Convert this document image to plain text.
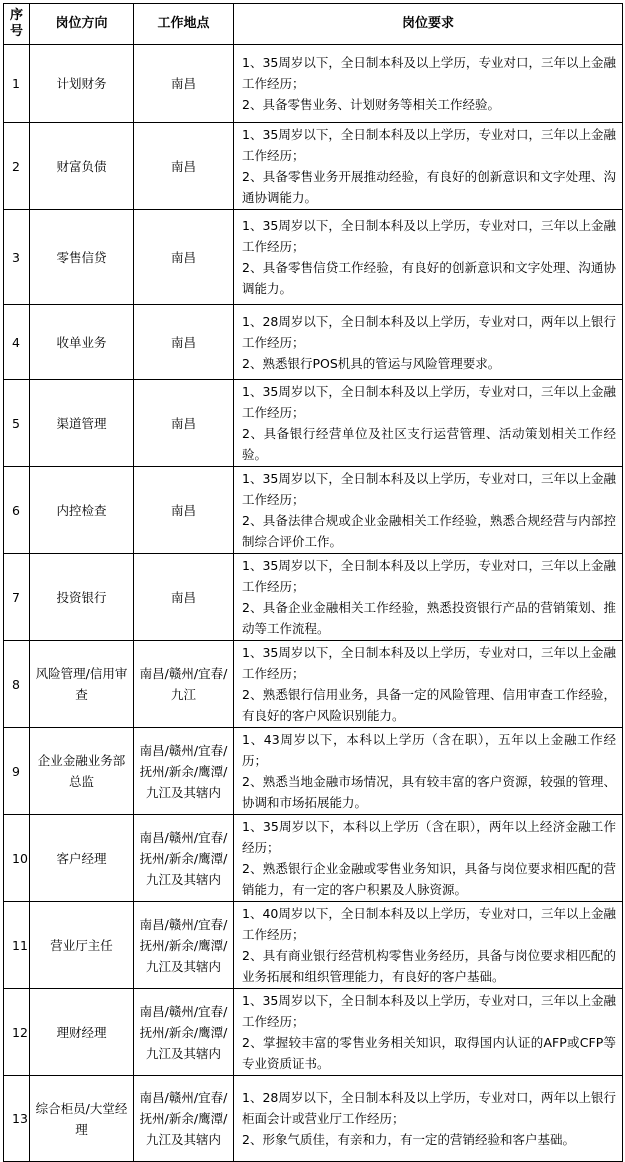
序号	岗位方向	工作地点	岗位要求
1	计划财务	南昌	1、35周岁以下，全日制本科及以上学历，专业对口，三年以上金融工作经历；
2、具备零售业务、计划财务等相关工作经验。

2	财富负债	南昌	1、35周岁以下，全日制本科及以上学历，专业对口，三年以上金融工作经历；
2、具备零售业务开展推动经验，有良好的创新意识和文字处理、沟通协调能力。

3	零售信贷	南昌	1、35周岁以下，全日制本科及以上学历，专业对口，三年以上金融工作经历；
2、具备零售信贷工作经验，有良好的创新意识和文字处理、沟通协调能力。

4	收单业务	南昌	1、28周岁以下，全日制本科及以上学历，专业对口，两年以上银行工作经历；
2、熟悉银行POS机具的管运与风险管理要求。

5	渠道管理	南昌	1、35周岁以下，全日制本科及以上学历，专业对口，三年以上金融工作经历；
2、具备银行经营单位及社区支行运营管理、活动策划相关工作经验。

6	内控检查	南昌	1、35周岁以下，全日制本科及以上学历，专业对口，三年以上金融工作经历；
2、具备法律合规或企业金融相关工作经验，熟悉合规经营与内部控制综合评价工作。

7	投资银行	南昌	1、35周岁以下，全日制本科及以上学历，专业对口，三年以上金融工作经历；
2、具备企业金融相关工作经验，熟悉投资银行产品的营销策划、推动等工作流程。

8	风险管理/信用审查	南昌/赣州/宜春/九江	1、35周岁以下，全日制本科及以上学历，专业对口，三年以上金融工作经历；
2、熟悉银行信用业务，具备一定的风险管理、信用审查工作经验，有良好的客户风险识别能力。

9	企业金融业务部总监	南昌/赣州/宜春/抚州/新余/鹰潭/九江及其辖内	1、43周岁以下，本科以上学历（含在职），五年以上金融工作经历；
2、熟悉当地金融市场情况，具有较丰富的客户资源，较强的管理、协调和市场拓展能力。

10	客户经理	南昌/赣州/宜春/抚州/新余/鹰潭/九江及其辖内	1、35周岁以下，本科以上学历（含在职），两年以上经济金融工作经历；
2、熟悉银行企业金融或零售业务知识，具备与岗位要求相匹配的营销能力，有一定的客户积累及人脉资源。

11	营业厅主任	南昌/赣州/宜春/抚州/新余/鹰潭/九江及其辖内	1、40周岁以下，全日制本科及以上学历，专业对口，三年以上金融工作经历；
2、具有商业银行经营机构零售业务经历，具备与岗位要求相匹配的业务拓展和组织管理能力，有良好的客户基础。

12	理财经理	南昌/赣州/宜春/抚州/新余/鹰潭/九江及其辖内	1、35周岁以下，全日制本科及以上学历，专业对口，三年以上金融工作经历；
2、掌握较丰富的零售业务相关知识，取得国内认证的AFP或CFP等专业资质证书。

13	综合柜员/大堂经理	南昌/赣州/宜春/抚州/新余/鹰潭/九江及其辖内	1、28周岁以下，全日制本科及以上学历，专业对口，两年以上银行柜面会计或营业厅工作经历；
2、形象气质佳，有亲和力，有一定的营销经验和客户基础。
